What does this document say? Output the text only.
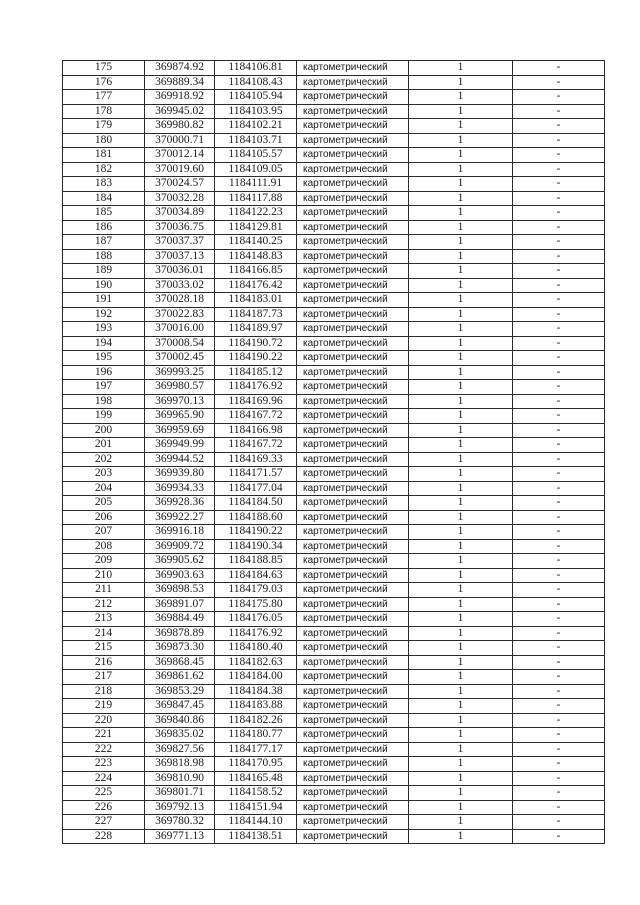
175	369874.92	1184106.81	картометрический	1	-
176	369889.34	1184108.43	картометрический	1	-
177	369918.92	1184105.94	картометрический	1	-
178	369945.02	1184103.95	картометрический	1	-
179	369980.82	1184102.21	картометрический	1	-
180	370000.71	1184103.71	картометрический	1	-
181	370012.14	1184105.57	картометрический	1	-
182	370019.60	1184109.05	картометрический	1	-
183	370024.57	1184111.91	картометрический	1	-
184	370032.28	1184117.88	картометрический	1	-
185	370034.89	1184122.23	картометрический	1	-
186	370036.75	1184129.81	картометрический	1	-
187	370037.37	1184140.25	картометрический	1	-
188	370037.13	1184148.83	картометрический	1	-
189	370036.01	1184166.85	картометрический	1	-
190	370033.02	1184176.42	картометрический	1	-
191	370028.18	1184183.01	картометрический	1	-
192	370022.83	1184187.73	картометрический	1	-
193	370016.00	1184189.97	картометрический	1	-
194	370008.54	1184190.72	картометрический	1	-
195	370002.45	1184190.22	картометрический	1	-
196	369993.25	1184185.12	картометрический	1	-
197	369980.57	1184176.92	картометрический	1	-
198	369970.13	1184169.96	картометрический	1	-
199	369965.90	1184167.72	картометрический	1	-
200	369959.69	1184166.98	картометрический	1	-
201	369949.99	1184167.72	картометрический	1	-
202	369944.52	1184169.33	картометрический	1	-
203	369939.80	1184171.57	картометрический	1	-
204	369934.33	1184177.04	картометрический	1	-
205	369928.36	1184184.50	картометрический	1	-
206	369922.27	1184188.60	картометрический	1	-
207	369916.18	1184190.22	картометрический	1	-
208	369909.72	1184190.34	картометрический	1	-
209	369905.62	1184188.85	картометрический	1	-
210	369903.63	1184184.63	картометрический	1	-
211	369898.53	1184179.03	картометрический	1	-
212	369891.07	1184175.80	картометрический	1	-
213	369884.49	1184176.05	картометрический	1	-
214	369878.89	1184176.92	картометрический	1	-
215	369873.30	1184180.40	картометрический	1	-
216	369868.45	1184182.63	картометрический	1	-
217	369861.62	1184184.00	картометрический	1	-
218	369853.29	1184184.38	картометрический	1	-
219	369847.45	1184183.88	картометрический	1	-
220	369840.86	1184182.26	картометрический	1	-
221	369835.02	1184180.77	картометрический	1	-
222	369827.56	1184177.17	картометрический	1	-
223	369818.98	1184170.95	картометрический	1	-
224	369810.90	1184165.48	картометрический	1	-
225	369801.71	1184158.52	картометрический	1	-
226	369792.13	1184151.94	картометрический	1	-
227	369780.32	1184144.10	картометрический	1	-
228	369771.13	1184138.51	картометрический	1	-
